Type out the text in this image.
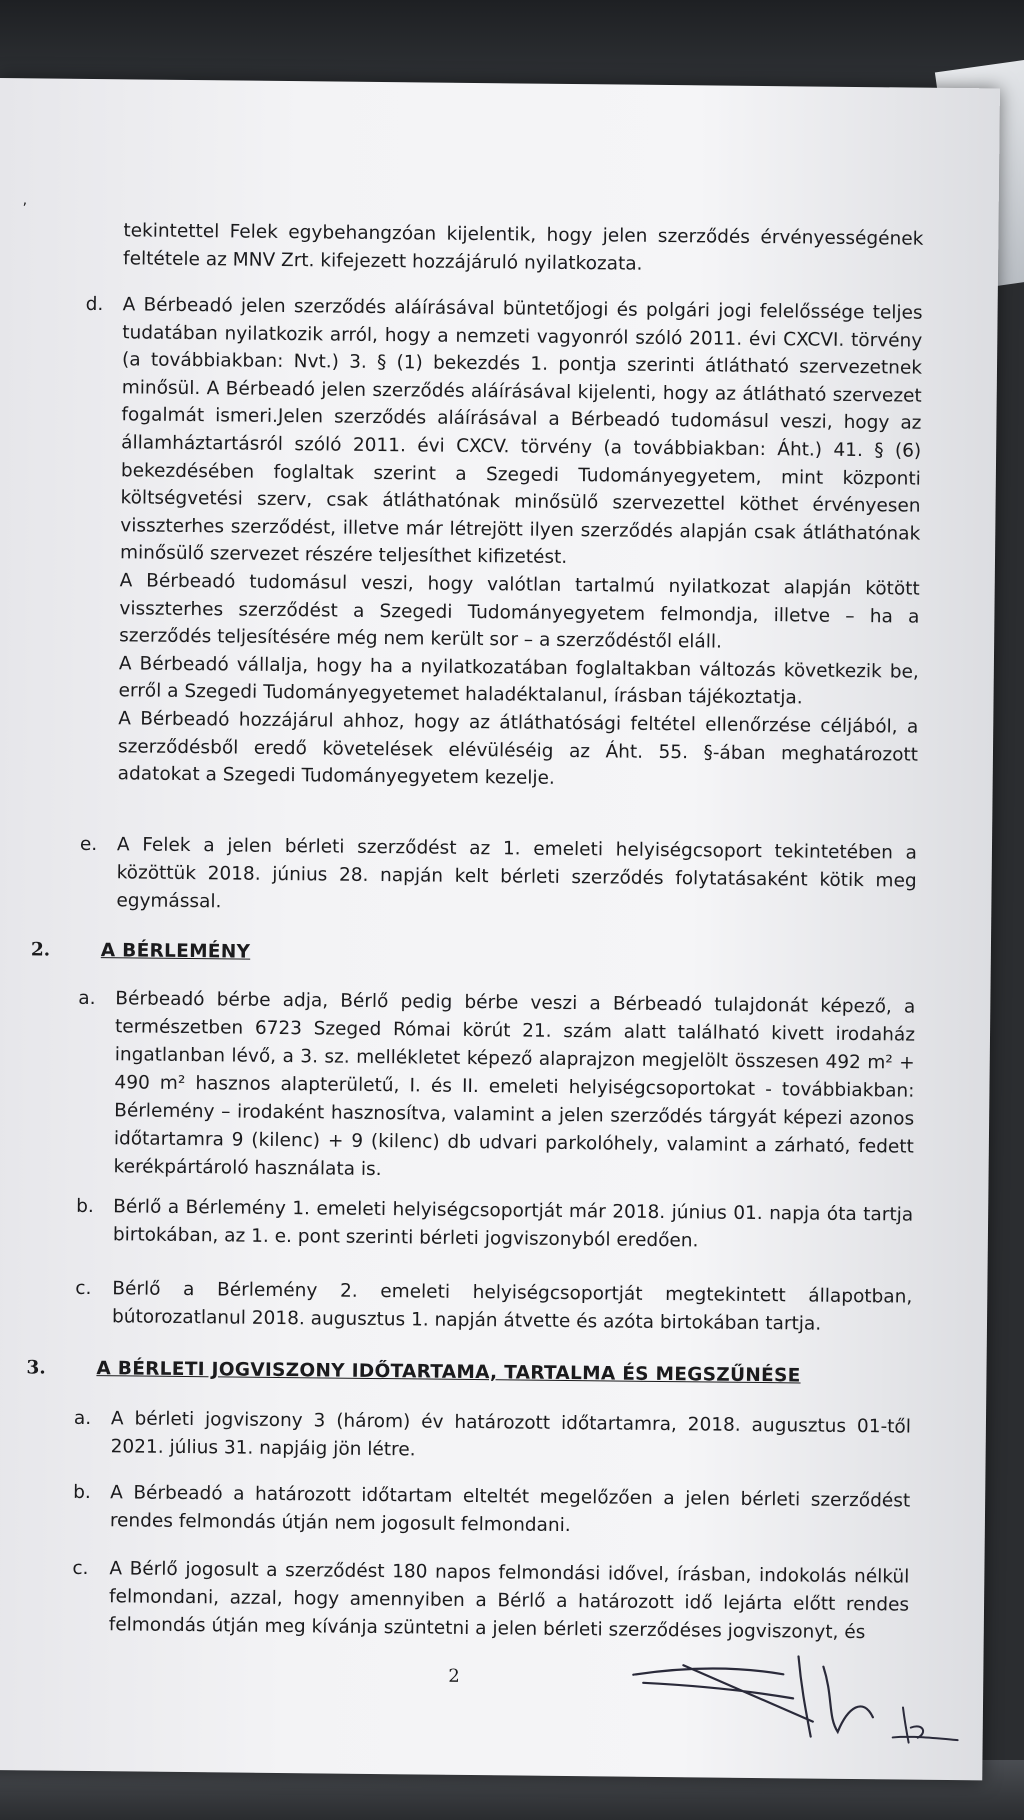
,

tekintettel Felek egybehangzóan kijelentik, hogy jelen szerződés érvényességének feltétele az MNV Zrt. kifejezett hozzájáruló nyilatkozata.

d.	A Bérbeadó jelen szerződés aláírásával büntetőjogi és polgári jogi felelőssége teljes tudatában nyilatkozik arról, hogy a nemzeti vagyonról szóló 2011. évi CXCVI. törvény (a továbbiakban: Nvt.) 3. § (1) bekezdés 1. pontja szerinti átlátható szervezetnek minősül. A Bérbeadó jelen szerződés aláírásával kijelenti, hogy az átlátható szervezet fogalmát ismeri.Jelen szerződés aláírásával a Bérbeadó tudomásul veszi, hogy az államháztartásról szóló 2011. évi CXCV. törvény (a továbbiakban: Áht.) 41. § (6) bekezdésében foglaltak szerint a Szegedi Tudományegyetem, mint központi költségvetési szerv, csak átláthatónak minősülő szervezettel köthet érvényesen visszterhes szerződést, illetve már létrejött ilyen szerződés alapján csak átláthatónak minősülő szervezet részére teljesíthet kifizetést.

A Bérbeadó tudomásul veszi, hogy valótlan tartalmú nyilatkozat alapján kötött visszterhes szerződést a Szegedi Tudományegyetem felmondja, illetve – ha a szerződés teljesítésére még nem került sor – a szerződéstől eláll.

A Bérbeadó vállalja, hogy ha a nyilatkozatában foglaltakban változás következik be, erről a Szegedi Tudományegyetemet haladéktalanul, írásban tájékoztatja.

A Bérbeadó hozzájárul ahhoz, hogy az átláthatósági feltétel ellenőrzése céljából, a szerződésből eredő követelések elévüléséig az Áht. 55. §-ában meghatározott adatokat a Szegedi Tudományegyetem kezelje.

e.	A Felek a jelen bérleti szerződést az 1. emeleti helyiségcsoport tekintetében a közöttük 2018. június 28. napján kelt bérleti szerződés folytatásaként kötik meg egymással.

2.	A BÉRLEMÉNY
a.	Bérbeadó bérbe adja, Bérlő pedig bérbe veszi a Bérbeadó tulajdonát képező, a természetben 6723 Szeged Római körút 21. szám alatt található kivett irodaház ingatlanban lévő, a 3. sz. mellékletet képező alaprajzon megjelölt összesen 492 m² + 490 m² hasznos alapterületű, I. és II. emeleti helyiségcsoportokat - továbbiakban: Bérlemény – irodaként hasznosítva, valamint a jelen szerződés tárgyát képezi azonos időtartamra 9 (kilenc) + 9 (kilenc) db udvari parkolóhely, valamint a zárható, fedett kerékpártároló használata is.

b.	Bérlő a Bérlemény 1. emeleti helyiségcsoportját már 2018. június 01. napja óta tartja birtokában, az 1. e. pont szerinti bérleti jogviszonyból eredően.

c.	Bérlő a Bérlemény 2. emeleti helyiségcsoportját megtekintett állapotban, bútorozatlanul 2018. augusztus 1. napján átvette és azóta birtokában tartja.

3.	A BÉRLETI JOGVISZONY IDŐTARTAMA, TARTALMA ÉS MEGSZŰNÉSE
a.	A bérleti jogviszony 3 (három) év határozott időtartamra, 2018. augusztus 01-től 2021. július 31. napjáig jön létre.

b.	A Bérbeadó a határozott időtartam elteltét megelőzően a jelen bérleti szerződést rendes felmondás útján nem jogosult felmondani.

c.	A Bérlő jogosult a szerződést 180 napos felmondási idővel, írásban, indokolás nélkül felmondani, azzal, hogy amennyiben a Bérlő a határozott idő lejárta előtt rendes felmondás útján meg kívánja szüntetni a jelen bérleti szerződéses jogviszonyt, és

2
